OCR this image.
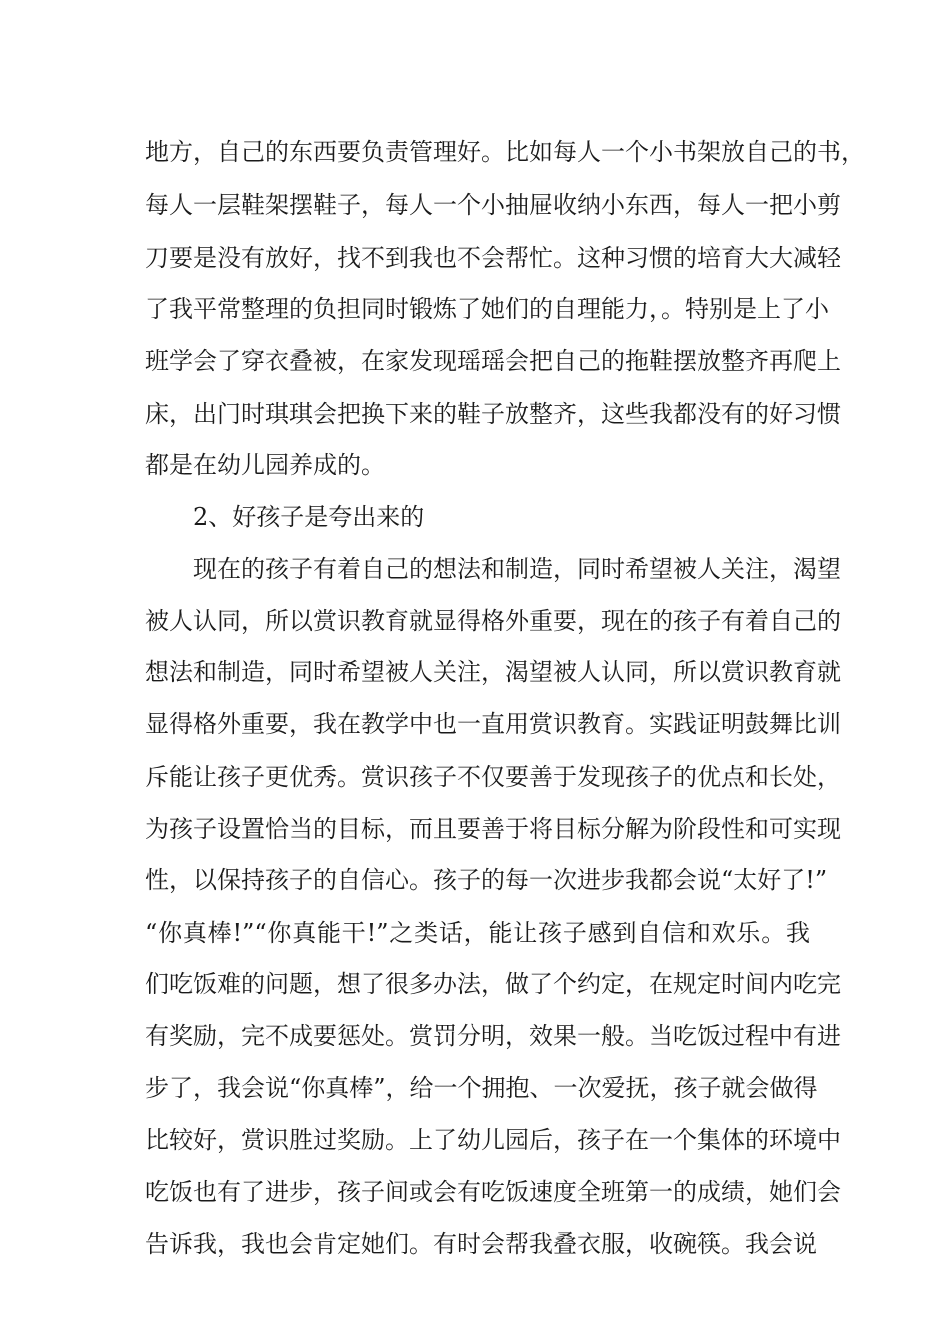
地方，自己的东西要负责管理好。比如每人一个小书架放自己的书，
每人一层鞋架摆鞋子，每人一个小抽屉收纳小东西，每人一把小剪
刀要是没有放好，找不到我也不会帮忙。这种习惯的培育大大减轻
了我平常整理的负担同时锻炼了她们的自理能力，。特别是上了小
班学会了穿衣叠被，在家发现瑶瑶会把自己的拖鞋摆放整齐再爬上
床，出门时琪琪会把换下来的鞋子放整齐，这些我都没有的好习惯
都是在幼儿园养成的。
2、好孩子是夸出来的
现在的孩子有着自己的想法和制造，同时希望被人关注，渴望
被人认同，所以赏识教育就显得格外重要，现在的孩子有着自己的
想法和制造，同时希望被人关注，渴望被人认同，所以赏识教育就
显得格外重要，我在教学中也一直用赏识教育。实践证明鼓舞比训
斥能让孩子更优秀。赏识孩子不仅要善于发现孩子的优点和长处，
为孩子设置恰当的目标，而且要善于将目标分解为阶段性和可实现
性，以保持孩子的自信心。孩子的每一次进步我都会说“太好了!”
“你真棒!”“你真能干!”之类话，能让孩子感到自信和欢乐。我
们吃饭难的问题，想了很多办法，做了个约定，在规定时间内吃完
有奖励，完不成要惩处。赏罚分明，效果一般。当吃饭过程中有进
步了，我会说“你真棒”，给一个拥抱、一次爱抚，孩子就会做得
比较好，赏识胜过奖励。上了幼儿园后，孩子在一个集体的环境中
吃饭也有了进步，孩子间或会有吃饭速度全班第一的成绩，她们会
告诉我，我也会肯定她们。有时会帮我叠衣服，收碗筷。我会说
